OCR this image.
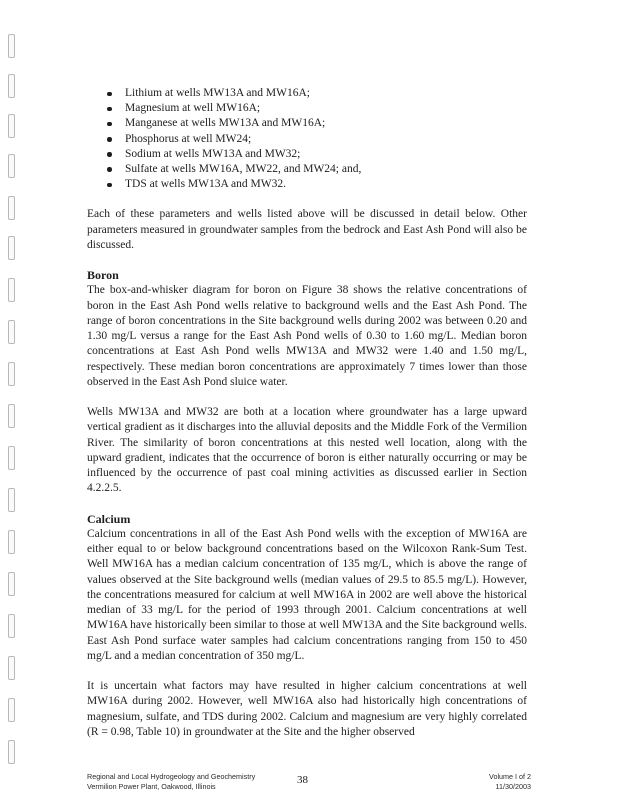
Lithium at wells MW13A and MW16A;
Magnesium at well MW16A;
Manganese at wells MW13A and MW16A;
Phosphorus at well MW24;
Sodium at wells MW13A and MW32;
Sulfate at wells MW16A, MW22, and MW24; and,
TDS at wells MW13A and MW32.

Each of these parameters and wells listed above will be discussed in detail below. Other parameters measured in groundwater samples from the bedrock and East Ash Pond will also be discussed.

Boron

The box-and-whisker diagram for boron on Figure 38 shows the relative concentrations of boron in the East Ash Pond wells relative to background wells and the East Ash Pond. The range of boron concentrations in the Site background wells during 2002 was between 0.20 and 1.30 mg/L versus a range for the East Ash Pond wells of 0.30 to 1.60 mg/L. Median boron concentrations at East Ash Pond wells MW13A and MW32 were 1.40 and 1.50 mg/L, respectively. These median boron concentrations are approximately 7 times lower than those observed in the East Ash Pond sluice water.

Wells MW13A and MW32 are both at a location where groundwater has a large upward vertical gradient as it discharges into the alluvial deposits and the Middle Fork of the Vermilion River. The similarity of boron concentrations at this nested well location, along with the upward gradient, indicates that the occurrence of boron is either naturally occurring or may be influenced by the occurrence of past coal mining activities as discussed earlier in Section 4.2.2.5.

Calcium

Calcium concentrations in all of the East Ash Pond wells with the exception of MW16A are either equal to or below background concentrations based on the Wilcoxon Rank-Sum Test. Well MW16A has a median calcium concentration of 135 mg/L, which is above the range of values observed at the Site background wells (median values of 29.5 to 85.5 mg/L). However, the concentrations measured for calcium at well MW16A in 2002 are well above the historical median of 33 mg/L for the period of 1993 through 2001. Calcium concentrations at well MW16A have historically been similar to those at well MW13A and the Site background wells. East Ash Pond surface water samples had calcium concentrations ranging from 150 to 450 mg/L and a median concentration of 350 mg/L.

It is uncertain what factors may have resulted in higher calcium concentrations at well MW16A during 2002. However, well MW16A also had historically high concentrations of magnesium, sulfate, and TDS during 2002. Calcium and magnesium are very highly correlated (R = 0.98, Table 10) in groundwater at the Site and the higher observed

Regional and Local Hydrogeology and Geochemistry
Vermilion Power Plant, Oakwood, Illinois
38	Volume I of 2
11/30/2003
